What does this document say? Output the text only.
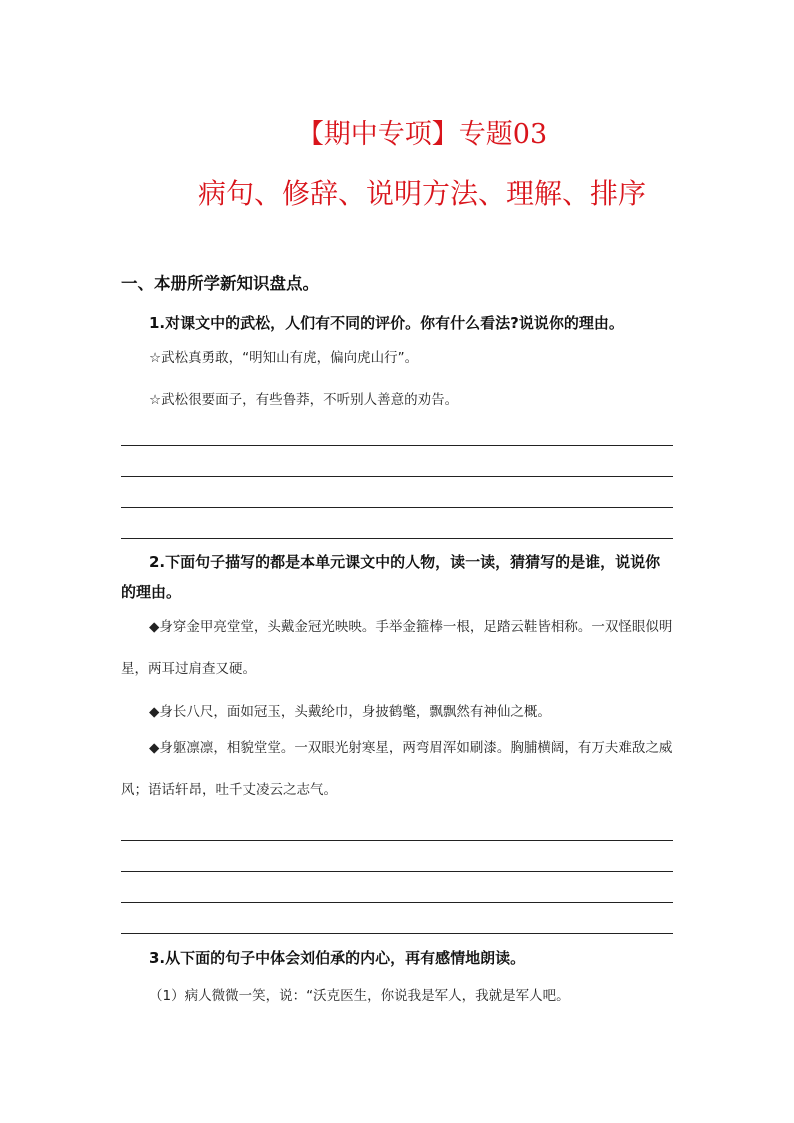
【期中专项】专题03
病句、修辞、说明方法、理解、排序
一、本册所学新知识盘点。
1.对课文中的武松，人们有不同的评价。你有什么看法?说说你的理由。
☆武松真勇敢，“明知山有虎，偏向虎山行”。
☆武松很要面子，有些鲁莽，不听别人善意的劝告。
2.下面句子描写的都是本单元课文中的人物，读一读，猜猜写的是谁，说说你的理由。
◆身穿金甲亮堂堂，头戴金冠光映映。手举金箍棒一根，足踏云鞋皆相称。一双怪眼似明星，两耳过肩查又硬。
◆身长八尺，面如冠玉，头戴纶巾，身披鹤氅，飘飘然有神仙之概。
◆身躯凛凛，相貌堂堂。一双眼光射寒星，两弯眉浑如刷漆。胸脯横阔，有万夫难敌之威风；语话轩昂，吐千丈凌云之志气。
3.从下面的句子中体会刘伯承的内心，再有感情地朗读。
（1）病人微微一笑，说：“沃克医生，你说我是军人，我就是军人吧。
